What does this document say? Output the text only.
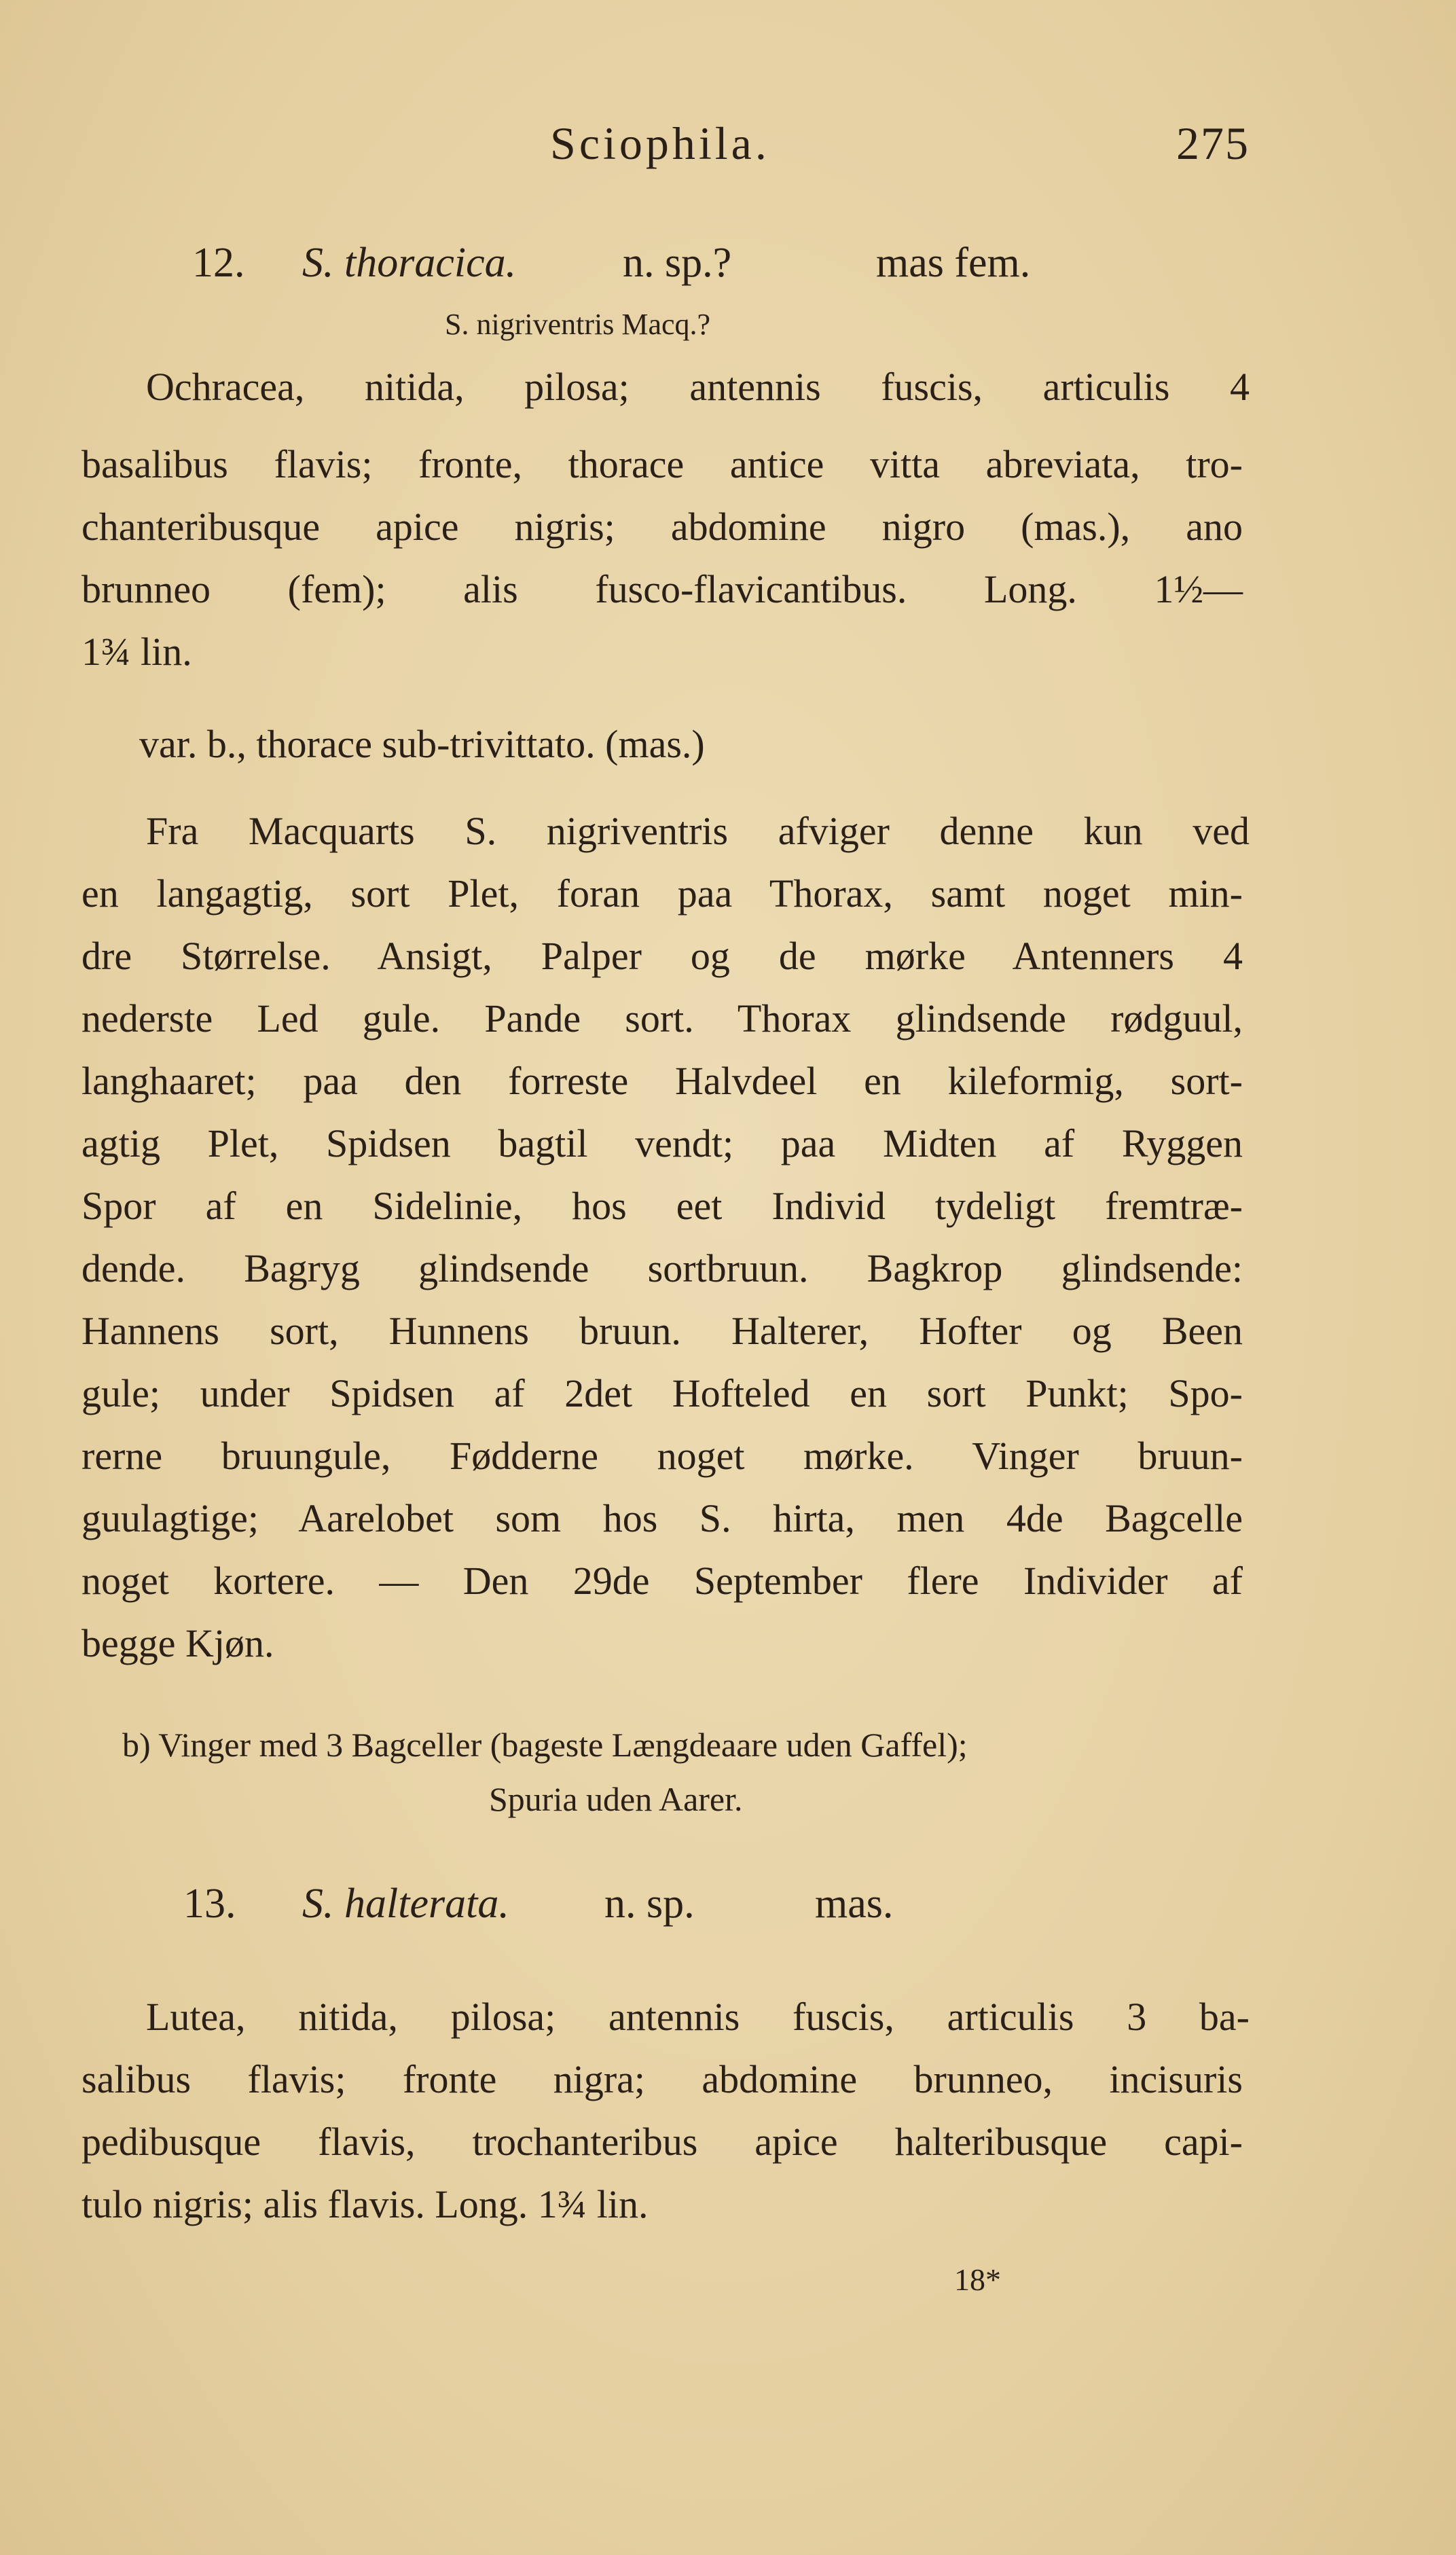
Sciophila.	275
12. S. thoracica.	n. sp.?	mas fem.
S. nigriventris Macq.?
Ochracea, nitida, pilosa; antennis fuscis, articulis 4
basalibus flavis; fronte, thorace antice vitta abreviata, tro-
chanteribusque apice nigris; abdomine nigro (mas.), ano
brunneo (fem); alis fusco-flavicantibus. Long. 1½—
1¾ lin.
var. b., thorace sub-trivittato. (mas.)
Fra Macquarts S. nigriventris afviger denne kun ved
en langagtig, sort Plet, foran paa Thorax, samt noget min-
dre Størrelse. Ansigt, Palper og de mørke Antenners 4
nederste Led gule. Pande sort. Thorax glindsende rødguul,
langhaaret; paa den forreste Halvdeel en kileformig, sort-
agtig Plet, Spidsen bagtil vendt; paa Midten af Ryggen
Spor af en Sidelinie, hos eet Individ tydeligt fremtræ-
dende. Bagryg glindsende sortbruun. Bagkrop glindsende:
Hannens sort, Hunnens bruun. Halterer, Hofter og Been
gule; under Spidsen af 2det Hofteled en sort Punkt; Spo-
rerne bruungule, Fødderne noget mørke. Vinger bruun-
guulagtige; Aarelobet som hos S. hirta, men 4de Bagcelle
noget kortere. — Den 29de September flere Individer af
begge Kjøn.
b) Vinger med 3 Bagceller (bageste Længdeaare uden Gaffel);
Spuria uden Aarer.
13. S. halterata. n. sp.	mas.
Lutea, nitida, pilosa; antennis fuscis, articulis 3 ba-
salibus flavis; fronte nigra; abdomine brunneo, incisuris
pedibusque flavis, trochanteribus apice halteribusque capi-
tulo nigris; alis flavis. Long. 1¾ lin.
18*
